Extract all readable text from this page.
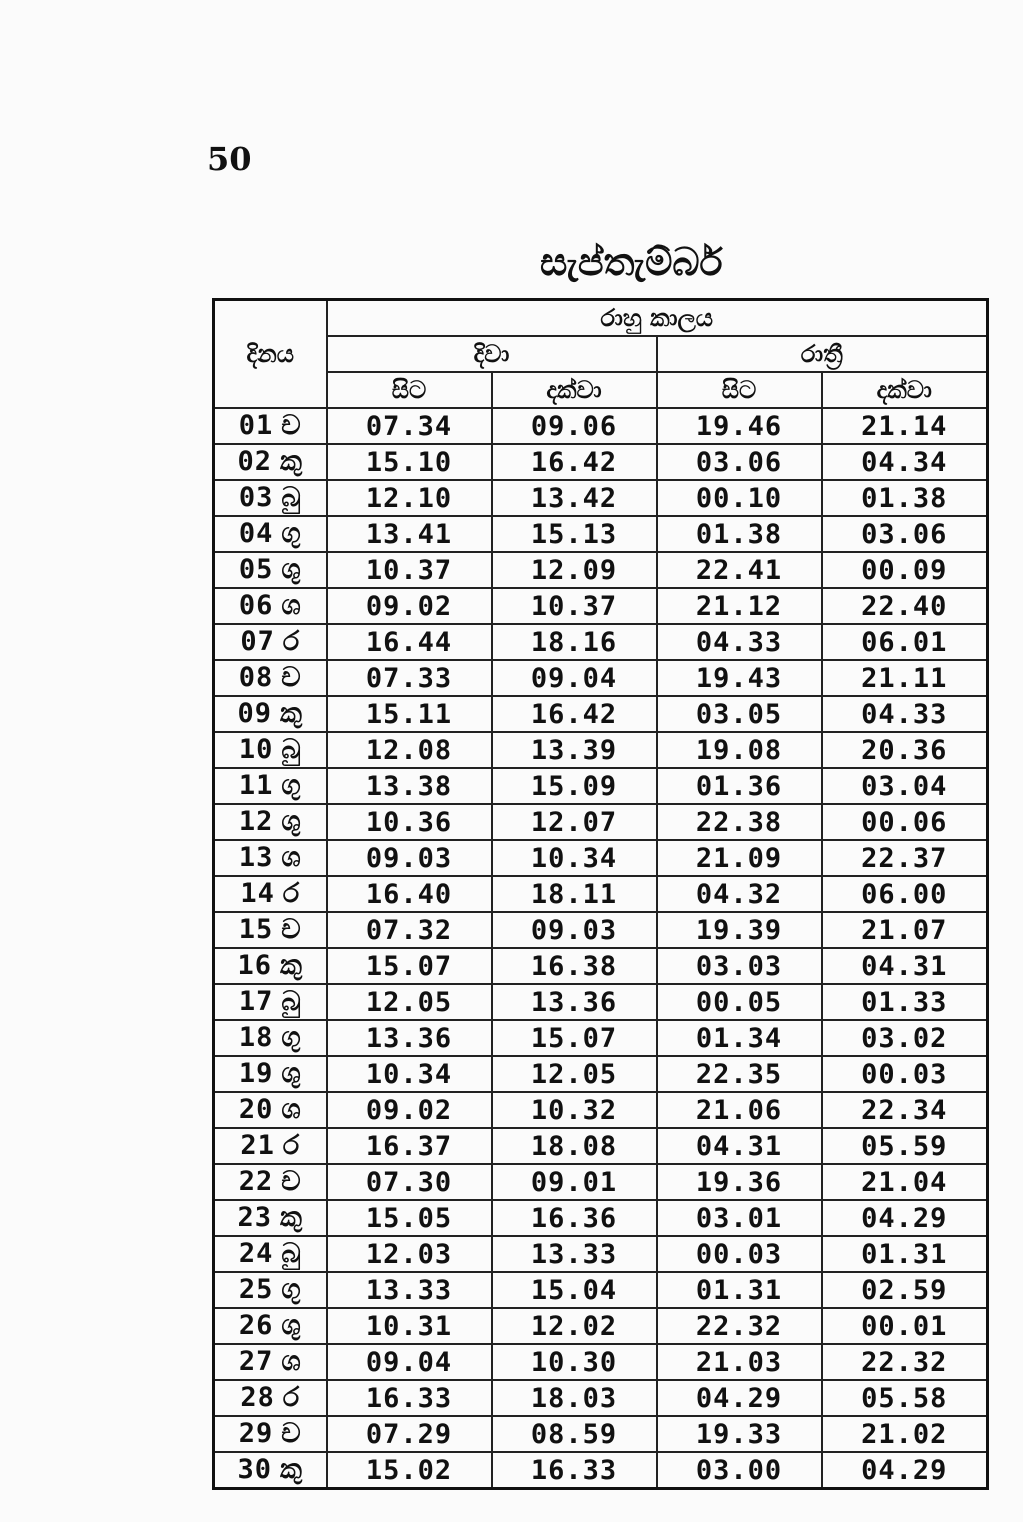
50
සැප්තැම්බර්
දිනය	රාහු කාලය			
	දිවා		රාත්‍රී	
	සිට	දක්වා	සිට	දක්වා
01 ච	07.34	09.06	19.46	21.14
02 කු	15.10	16.42	03.06	04.34
03 බු	12.10	13.42	00.10	01.38
04 ගු	13.41	15.13	01.38	03.06
05 ශු	10.37	12.09	22.41	00.09
06 ශ	09.02	10.37	21.12	22.40
07 ර	16.44	18.16	04.33	06.01
08 ච	07.33	09.04	19.43	21.11
09 කු	15.11	16.42	03.05	04.33
10 බු	12.08	13.39	19.08	20.36
11 ගු	13.38	15.09	01.36	03.04
12 ශු	10.36	12.07	22.38	00.06
13 ශ	09.03	10.34	21.09	22.37
14 ර	16.40	18.11	04.32	06.00
15 ච	07.32	09.03	19.39	21.07
16 කු	15.07	16.38	03.03	04.31
17 බු	12.05	13.36	00.05	01.33
18 ගු	13.36	15.07	01.34	03.02
19 ශු	10.34	12.05	22.35	00.03
20 ශ	09.02	10.32	21.06	22.34
21 ර	16.37	18.08	04.31	05.59
22 ච	07.30	09.01	19.36	21.04
23 කු	15.05	16.36	03.01	04.29
24 බු	12.03	13.33	00.03	01.31
25 ගු	13.33	15.04	01.31	02.59
26 ශු	10.31	12.02	22.32	00.01
27 ශ	09.04	10.30	21.03	22.32
28 ර	16.33	18.03	04.29	05.58
29 ච	07.29	08.59	19.33	21.02
30 කු	15.02	16.33	03.00	04.29
